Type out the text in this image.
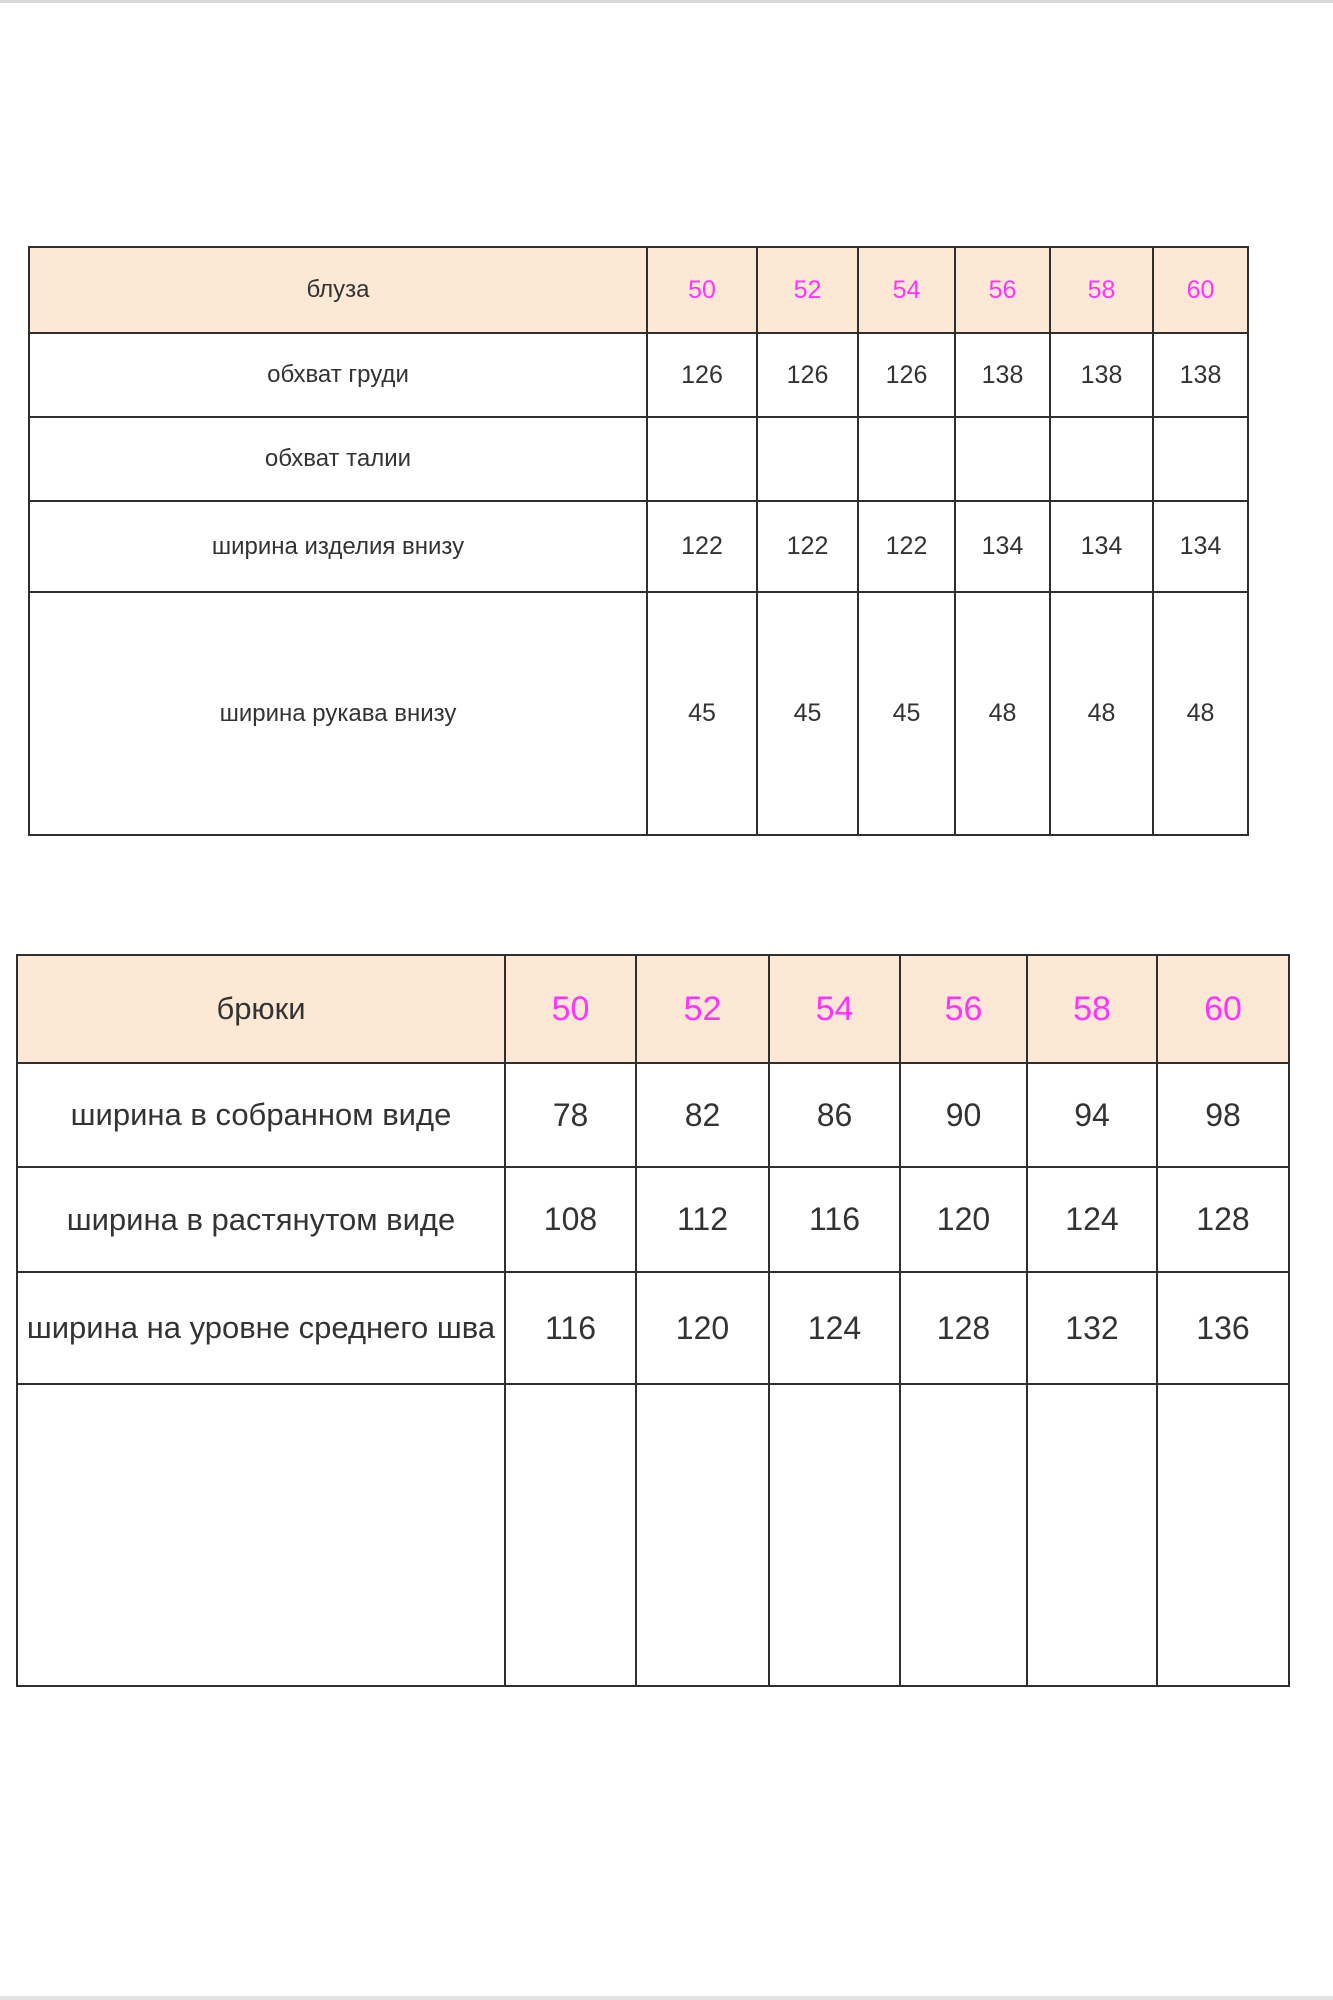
блуза	50	52	54	56	58	60
обхват груди	126	126	126	138	138	138
обхват талии						
ширина изделия внизу	122	122	122	134	134	134
ширина рукава внизу	45	45	45	48	48	48
брюки	50	52	54	56	58	60
ширина в собранном виде	78	82	86	90	94	98
ширина в растянутом виде	108	112	116	120	124	128
ширина на уровне среднего шва	116	120	124	128	132	136
